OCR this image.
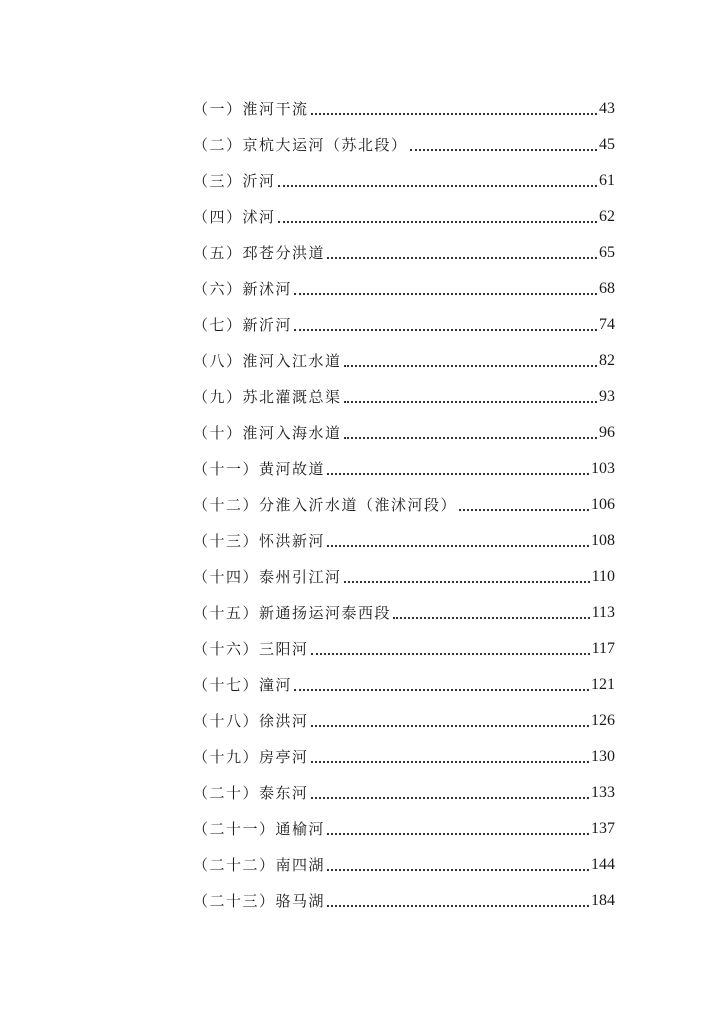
（一） 淮河干流	43
（二） 京杭大运河（苏北段）	45
（三） 沂河	61
（四） 沭河	62
（五） 邳苍分洪道	65
（六） 新沭河	68
（七） 新沂河	74
（八） 淮河入江水道	82
（九） 苏北灌溉总渠	93
（十） 淮河入海水道	96
（十一） 黄河故道	103
（十二） 分淮入沂水道（淮沭河段）	106
（十三） 怀洪新河	108
（十四） 泰州引江河	110
（十五） 新通扬运河泰西段	113
（十六） 三阳河	117
（十七） 潼河	121
（十八） 徐洪河	126
（十九） 房亭河	130
（二十） 泰东河	133
（二十一） 通榆河	137
（二十二） 南四湖	144
（二十三） 骆马湖	184
